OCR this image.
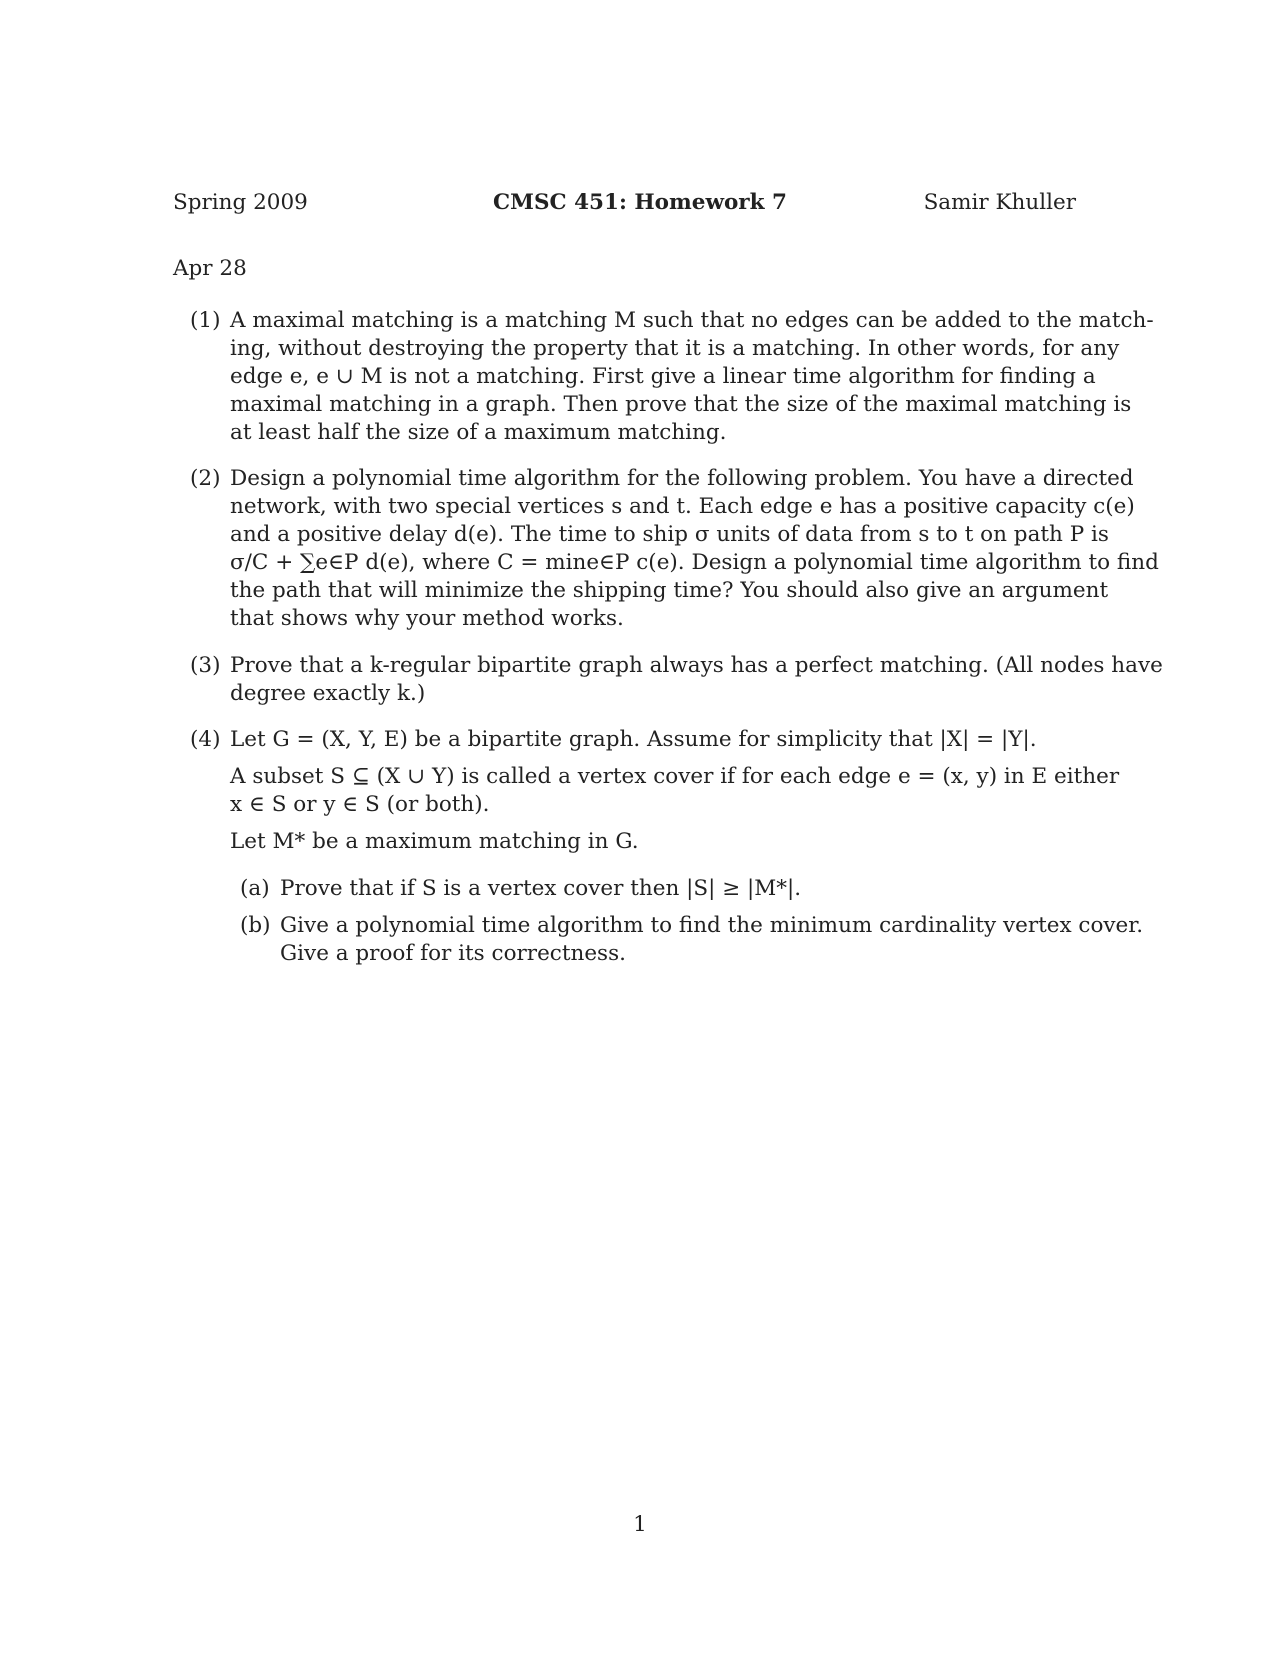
Spring 2009	CMSC 451: Homework 7	Samir Khuller
Apr 28
(1) A maximal matching is a matching M such that no edges can be added to the match-
ing, without destroying the property that it is a matching. In other words, for any
edge e, e ∪ M is not a matching. First give a linear time algorithm for finding a
maximal matching in a graph. Then prove that the size of the maximal matching is
at least half the size of a maximum matching.
(2) Design a polynomial time algorithm for the following problem. You have a directed
network, with two special vertices s and t. Each edge e has a positive capacity c(e)
and a positive delay d(e). The time to ship σ units of data from s to t on path P is
σ/C + ∑e∈P d(e), where C = mine∈P c(e). Design a polynomial time algorithm to find
the path that will minimize the shipping time? You should also give an argument
that shows why your method works.
(3) Prove that a k-regular bipartite graph always has a perfect matching. (All nodes have
degree exactly k.)
(4) Let G = (X, Y, E) be a bipartite graph. Assume for simplicity that |X| = |Y|.
A subset S ⊆ (X ∪ Y) is called a vertex cover if for each edge e = (x, y) in E either
x ∈ S or y ∈ S (or both).
Let M* be a maximum matching in G.
(a) Prove that if S is a vertex cover then |S| ≥ |M*|.
(b) Give a polynomial time algorithm to find the minimum cardinality vertex cover.
Give a proof for its correctness.
1
